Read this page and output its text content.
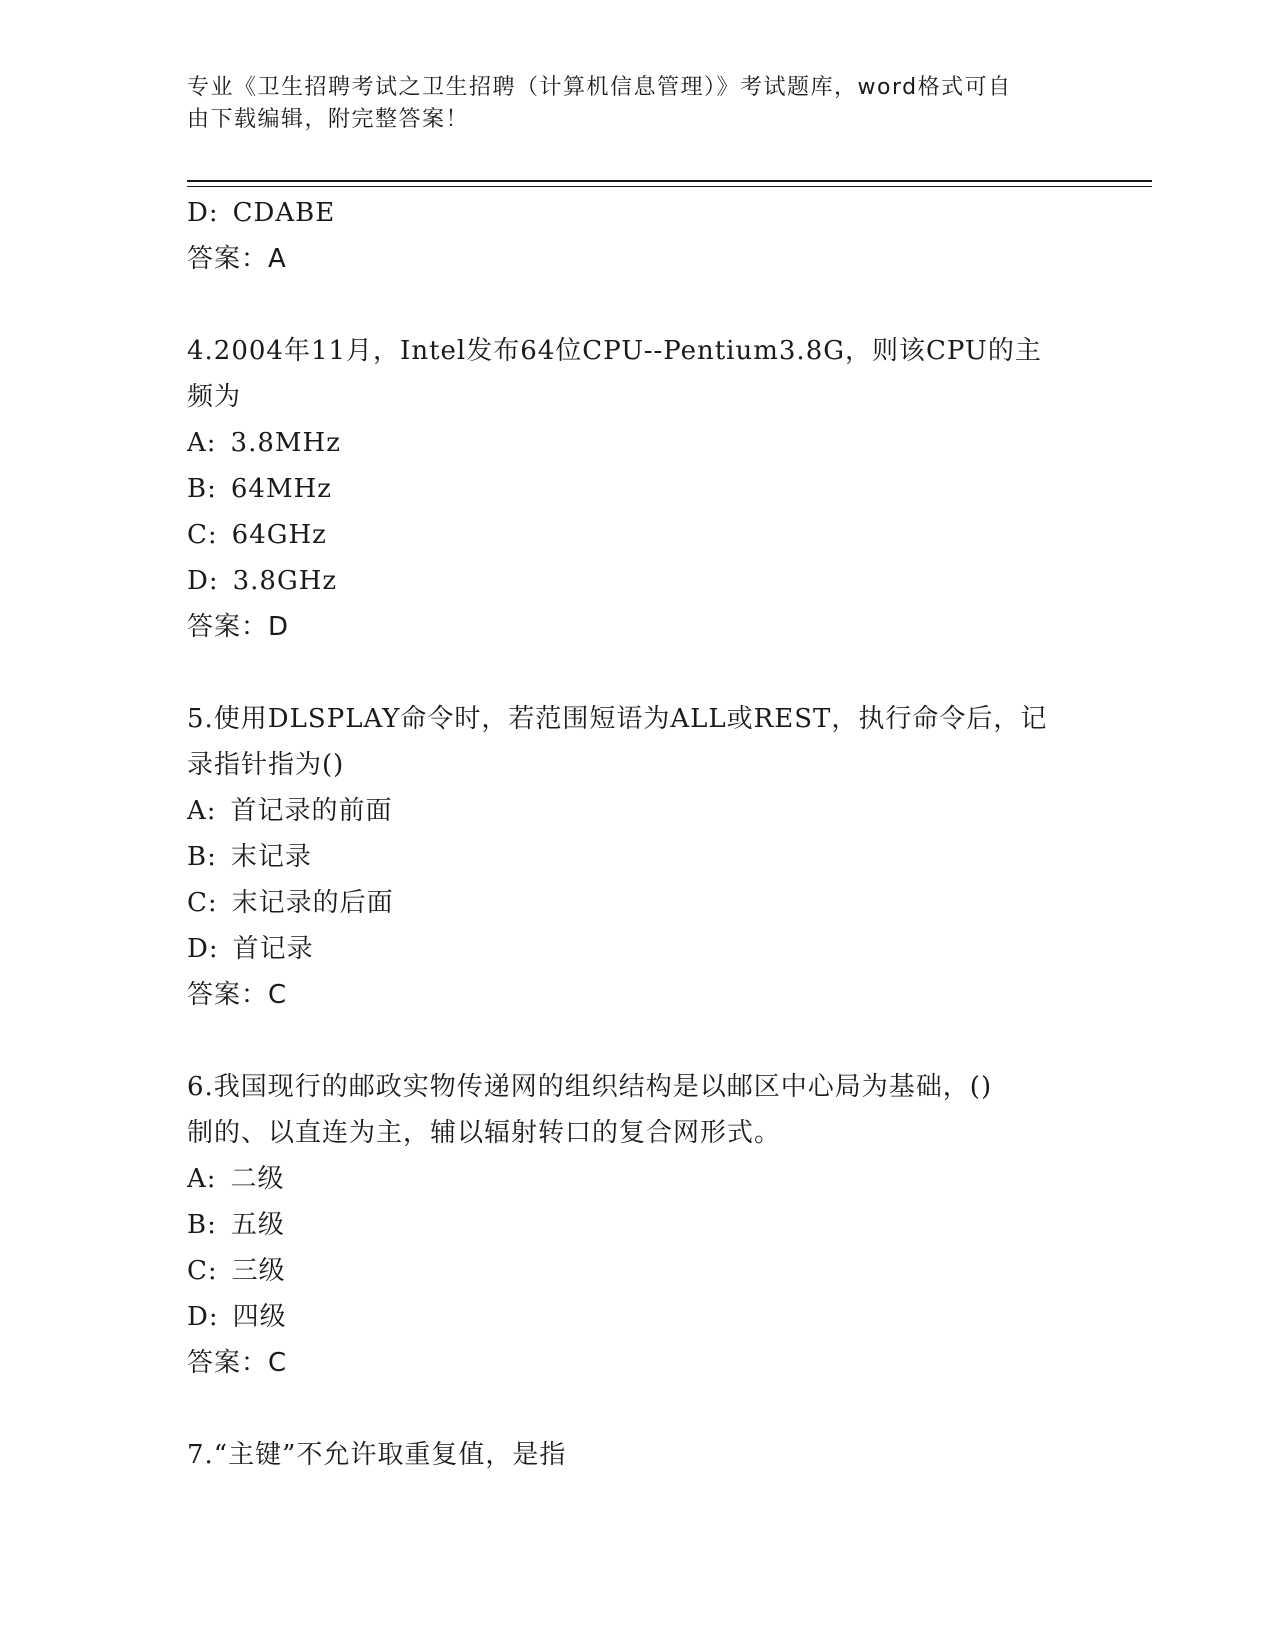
专业《卫生招聘考试之卫生招聘（计算机信息管理）》考试题库，word格式可自
由下载编辑，附完整答案！
D: CDABE
答案：A
4.2004年11月，Intel发布64位CPU--Pentium3.8G，则该CPU的主
频为
A: 3.8MHz
B: 64MHz
C: 64GHz
D: 3.8GHz
答案：D
5.使用DLSPLAY命令时，若范围短语为ALL或REST，执行命令后，记
录指针指为()
A: 首记录的前面
B: 末记录
C: 末记录的后面
D: 首记录
答案：C
6.我国现行的邮政实物传递网的组织结构是以邮区中心局为基础，()
制的、以直连为主，辅以辐射转口的复合网形式。
A: 二级
B: 五级
C: 三级
D: 四级
答案：C
7.“主键”不允许取重复值，是指
